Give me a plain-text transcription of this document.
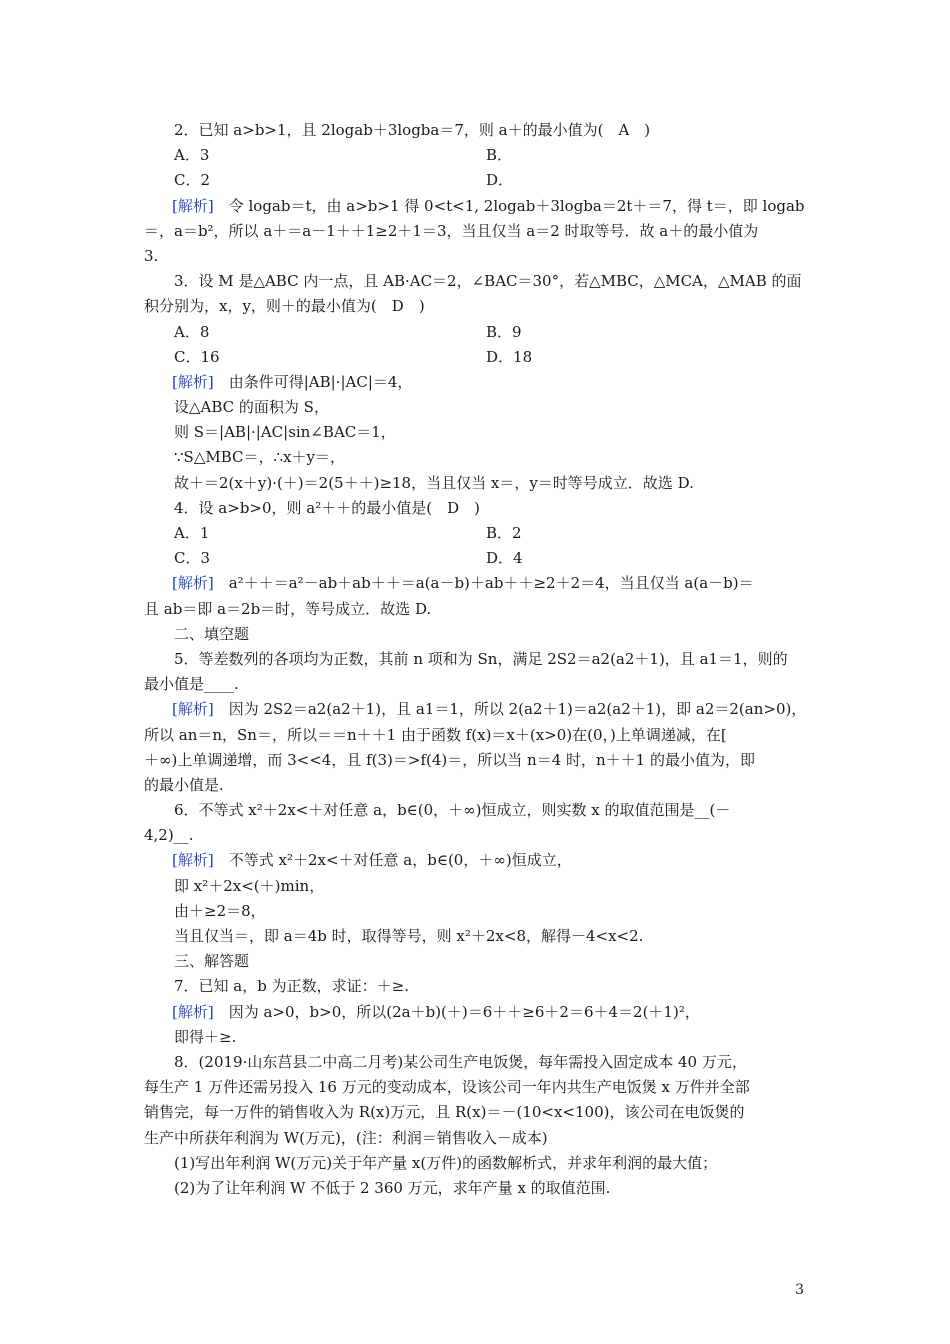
2．已知 a>b>1，且 2logab＋3logba＝7，则 a＋的最小值为(　A　)
A．3	B．
C．2	D．
[解析]　令 logab＝t，由 a>b>1 得 0<t<1, 2logab＋3logba＝2t＋＝7，得 t＝，即 logab
＝，a＝b²，所以 a＋＝a－1＋＋1≥2＋1＝3，当且仅当 a＝2 时取等号．故 a＋的最小值为
3.
3．设 M 是△ABC 内一点，且 AB·AC＝2，∠BAC＝30°，若△MBC，△MCA，△MAB 的面
积分别为，x，y，则＋的最小值为(　D　)
A．8	B．9
C．16	D．18
[解析]　由条件可得|AB|·|AC|＝4，
设△ABC 的面积为 S，
则 S＝|AB|·|AC|sin∠BAC＝1，
∵S△MBC＝，∴x＋y＝，
故＋＝2(x＋y)·(＋)＝2(5＋＋)≥18，当且仅当 x＝，y＝时等号成立．故选 D.
4．设 a>b>0，则 a²＋＋的最小值是(　D　)
A．1	B．2
C．3	D．4
[解析]　a²＋＋＝a²－ab＋ab＋＋＝a(a－b)＋ab＋＋≥2＋2＝4，当且仅当 a(a－b)＝
且 ab＝即 a＝2b＝时，等号成立．故选 D.
二、填空题
5．等差数列的各项均为正数，其前 n 项和为 Sn，满足 2S2＝a2(a2＋1)，且 a1＝1，则的
最小值是____.
[解析]　因为 2S2＝a2(a2＋1)，且 a1＝1，所以 2(a2＋1)＝a2(a2＋1)，即 a2＝2(an>0)，
所以 an＝n，Sn＝，所以＝＝n＋＋1 由于函数 f(x)＝x＋(x>0)在(0，)上单调递减，在[
＋∞)上单调递增，而 3<<4，且 f(3)＝>f(4)＝，所以当 n＝4 时，n＋＋1 的最小值为，即
的最小值是.
6．不等式 x²＋2x<＋对任意 a，b∈(0，＋∞)恒成立，则实数 x 的取值范围是__(－
4,2)__.
[解析]　不等式 x²＋2x<＋对任意 a，b∈(0，＋∞)恒成立，
即 x²＋2x<(＋)min，
由＋≥2＝8，
当且仅当＝，即 a＝4b 时，取得等号，则 x²＋2x<8，解得－4<x<2.
三、解答题
7．已知 a，b 为正数，求证：＋≥.
[解析]　因为 a>0，b>0，所以(2a＋b)(＋)＝6＋＋≥6＋2＝6＋4＝2(＋1)²，
即得＋≥.
8．(2019·山东莒县二中高二月考)某公司生产电饭煲，每年需投入固定成本 40 万元，
每生产 1 万件还需另投入 16 万元的变动成本，设该公司一年内共生产电饭煲 x 万件并全部
销售完，每一万件的销售收入为 R(x)万元，且 R(x)＝－(10<x<100)，该公司在电饭煲的
生产中所获年利润为 W(万元)，(注：利润＝销售收入－成本)
(1)写出年利润 W(万元)关于年产量 x(万件)的函数解析式，并求年利润的最大值；
(2)为了让年利润 W 不低于 2 360 万元，求年产量 x 的取值范围.
3
